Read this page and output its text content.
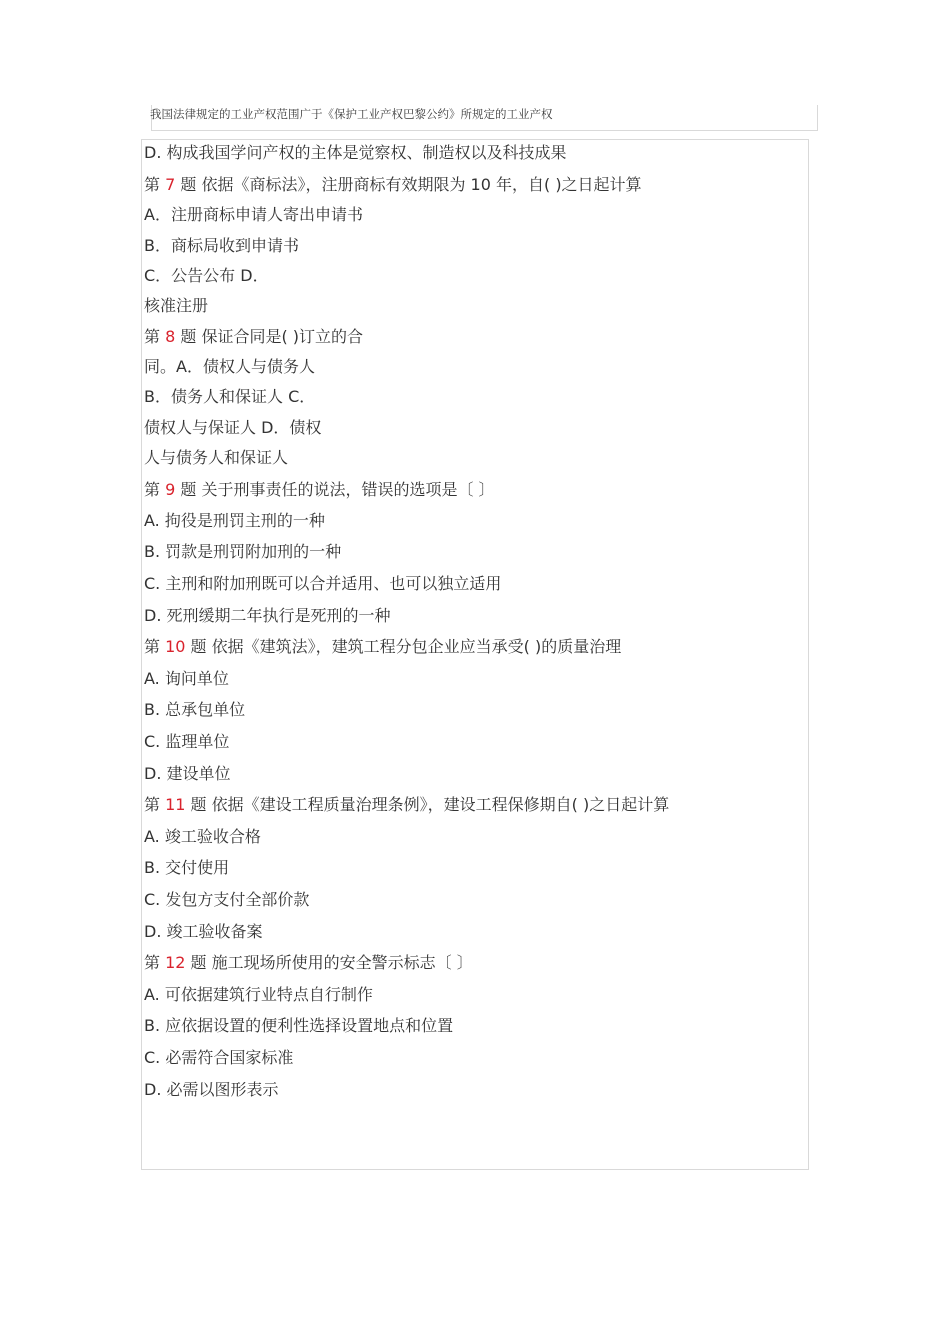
我国法律规定的工业产权范围广于《保护工业产权巴黎公约》所规定的工业产权
D. 构成我国学问产权的主体是觉察权、制造权以及科技成果
第 7 题 依据《商标法》，注册商标有效期限为 10 年，自( )之日起计算
A．注册商标申请人寄出申请书
B．商标局收到申请书
C．公告公布 D．
核准注册
第 8 题 保证合同是( )订立的合
同。A．债权人与债务人
B．债务人和保证人 C．
债权人与保证人 D．债权
人与债务人和保证人
第 9 题 关于刑事责任的说法，错误的选项是〔 〕
A. 拘役是刑罚主刑的一种
B. 罚款是刑罚附加刑的一种
C. 主刑和附加刑既可以合并适用、也可以独立适用
D. 死刑缓期二年执行是死刑的一种
第 10 题 依据《建筑法》，建筑工程分包企业应当承受( )的质量治理
A. 询问单位
B. 总承包单位
C. 监理单位
D. 建设单位
第 11 题 依据《建设工程质量治理条例》，建设工程保修期自( )之日起计算
A. 竣工验收合格
B. 交付使用
C. 发包方支付全部价款
D. 竣工验收备案
第 12 题 施工现场所使用的安全警示标志〔 〕
A. 可依据建筑行业特点自行制作
B. 应依据设置的便利性选择设置地点和位置
C. 必需符合国家标准
D. 必需以图形表示
